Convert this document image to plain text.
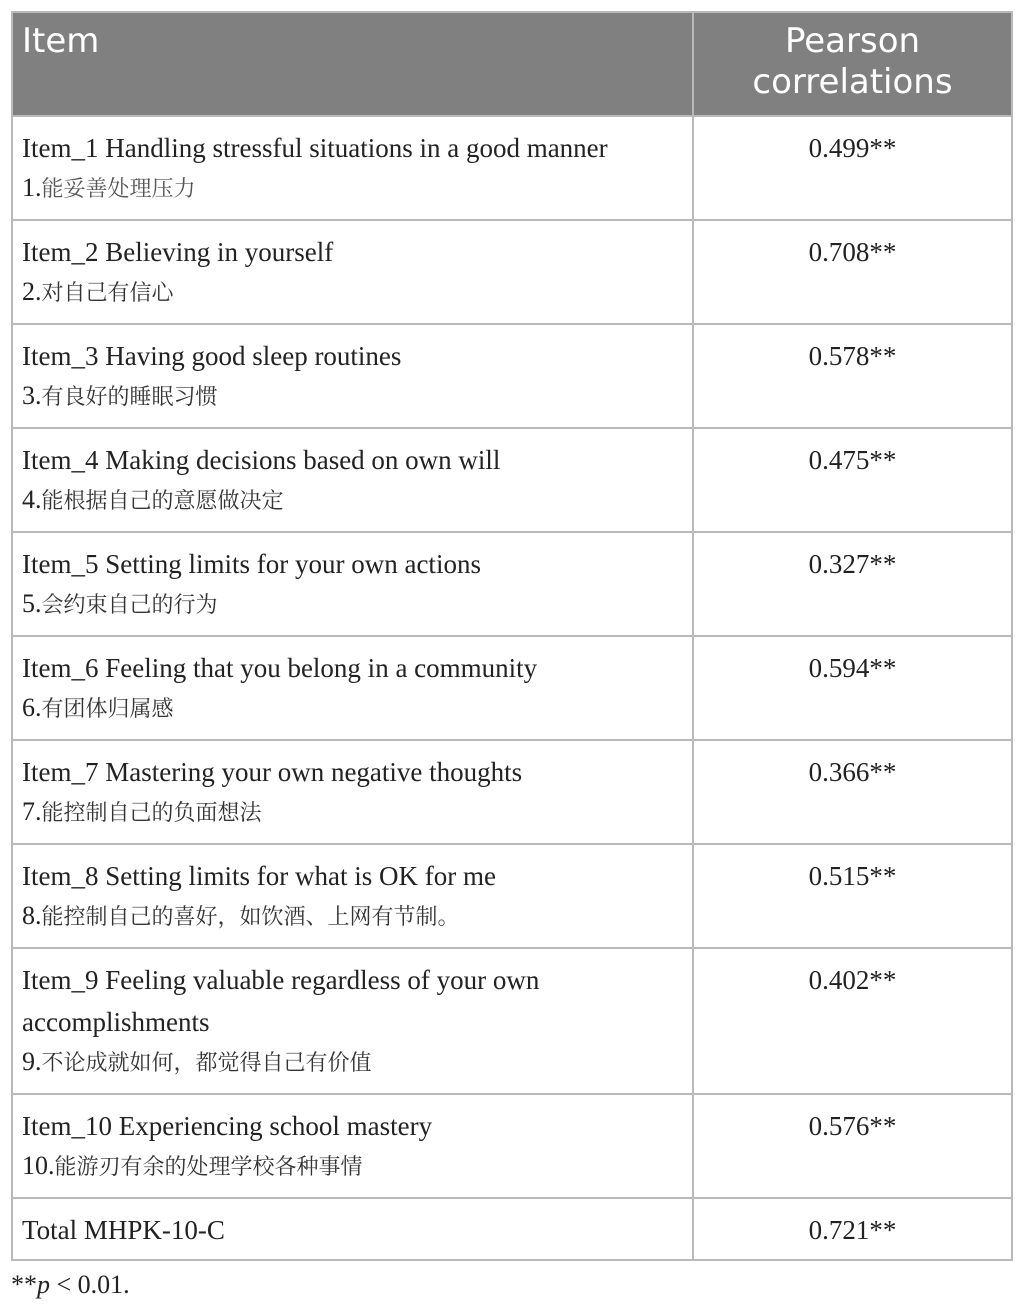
Item	Pearson correlations

Item_1 Handling stressful situations in a good manner
1.能妥善处理压力	0.499**

Item_2 Believing in yourself
2.对自己有信心	0.708**

Item_3 Having good sleep routines
3.有良好的睡眠习惯	0.578**

Item_4 Making decisions based on own will
4.能根据自己的意愿做决定	0.475**

Item_5 Setting limits for your own actions
5.会约束自己的行为	0.327**

Item_6 Feeling that you belong in a community
6.有团体归属感	0.594**

Item_7 Mastering your own negative thoughts
7.能控制自己的负面想法	0.366**

Item_8 Setting limits for what is OK for me
8.能控制自己的喜好，如饮酒、上网有节制。	0.515**

Item_9 Feeling valuable regardless of your own accomplishments
9.不论成就如何，都觉得自己有价值	0.402**

Item_10 Experiencing school mastery
10.能游刃有余的处理学校各种事情	0.576**
Total MHPK-10-C	0.721**
**p < 0.01.
